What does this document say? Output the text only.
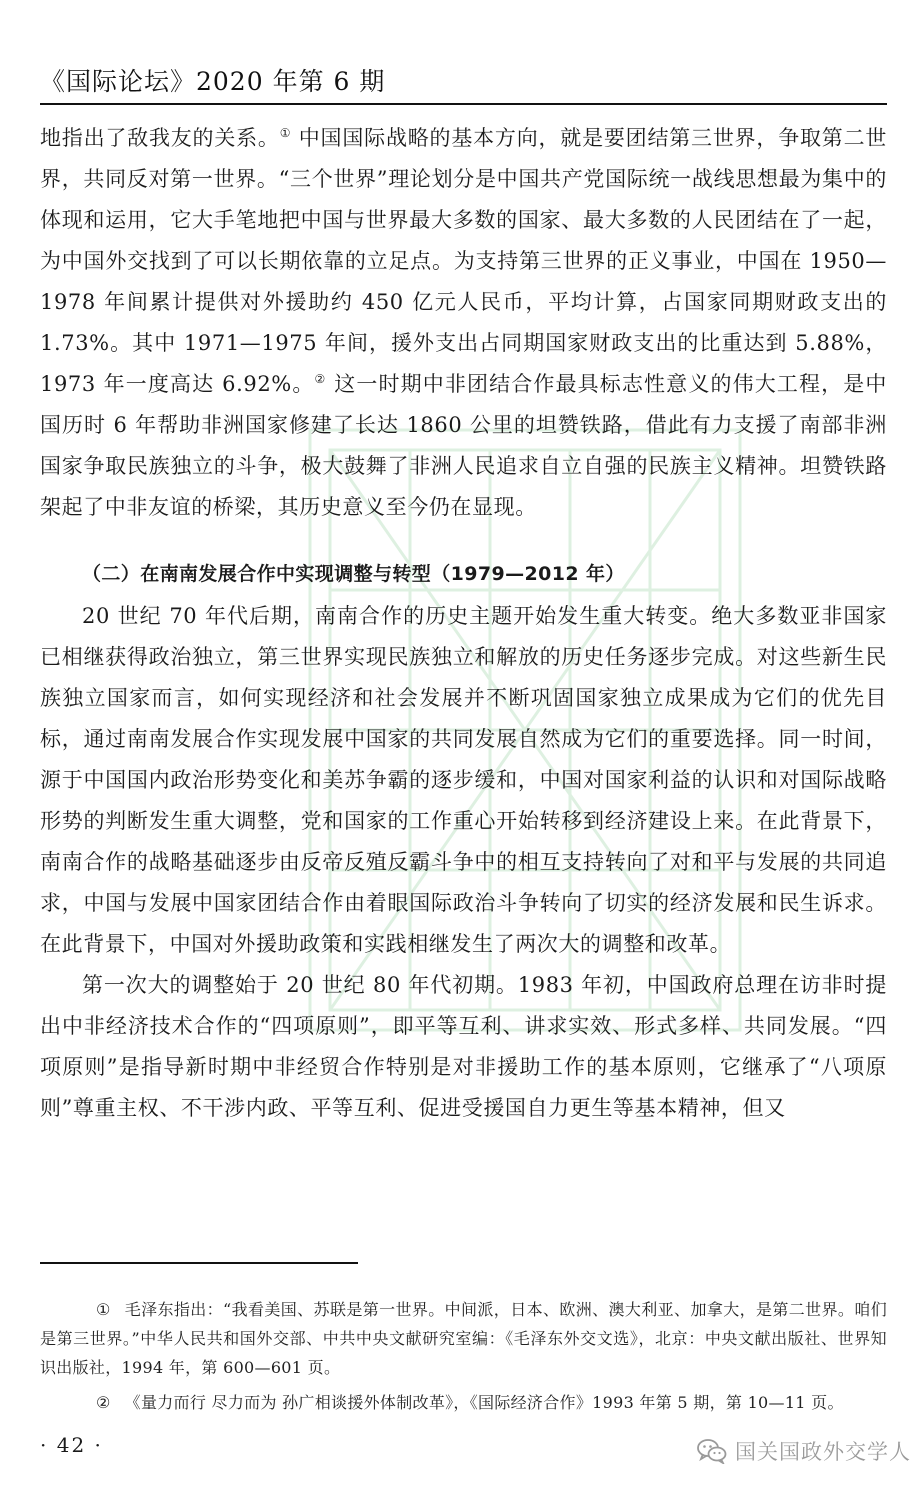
《国际论坛》2020 年第 6 期

地指出了敌我友的关系。① 中国国际战略的基本方向，就是要团结第三世界，争取第二世界，共同反对第一世界。“三个世界”理论划分是中国共产党国际统一战线思想最为集中的体现和运用，它大手笔地把中国与世界最大多数的国家、最大多数的人民团结在了一起，为中国外交找到了可以长期依靠的立足点。为支持第三世界的正义事业，中国在 1950—1978 年间累计提供对外援助约 450 亿元人民币，平均计算，占国家同期财政支出的 1.73%。其中 1971—1975 年间，援外支出占同期国家财政支出的比重达到 5.88%，1973 年一度高达 6.92%。② 这一时期中非团结合作最具标志性意义的伟大工程，是中国历时 6 年帮助非洲国家修建了长达 1860 公里的坦赞铁路，借此有力支援了南部非洲国家争取民族独立的斗争，极大鼓舞了非洲人民追求自立自强的民族主义精神。坦赞铁路架起了中非友谊的桥梁，其历史意义至今仍在显现。

（二）在南南发展合作中实现调整与转型（1979—2012 年）

20 世纪 70 年代后期，南南合作的历史主题开始发生重大转变。绝大多数亚非国家已相继获得政治独立，第三世界实现民族独立和解放的历史任务逐步完成。对这些新生民族独立国家而言，如何实现经济和社会发展并不断巩固国家独立成果成为它们的优先目标，通过南南发展合作实现发展中国家的共同发展自然成为它们的重要选择。同一时间，源于中国国内政治形势变化和美苏争霸的逐步缓和，中国对国家利益的认识和对国际战略形势的判断发生重大调整，党和国家的工作重心开始转移到经济建设上来。在此背景下，南南合作的战略基础逐步由反帝反殖反霸斗争中的相互支持转向了对和平与发展的共同追求，中国与发展中国家团结合作由着眼国际政治斗争转向了切实的经济发展和民生诉求。在此背景下，中国对外援助政策和实践相继发生了两次大的调整和改革。

第一次大的调整始于 20 世纪 80 年代初期。1983 年初，中国政府总理在访非时提出中非经济技术合作的“四项原则”，即平等互利、讲求实效、形式多样、共同发展。“四项原则”是指导新时期中非经贸合作特别是对非援助工作的基本原则，它继承了“八项原则”尊重主权、不干涉内政、平等互利、促进受援国自力更生等基本精神，但又

① 毛泽东指出：“我看美国、苏联是第一世界。中间派，日本、欧洲、澳大利亚、加拿大，是第二世界。咱们是第三世界。”中华人民共和国外交部、中共中央文献研究室编：《毛泽东外交文选》，北京：中央文献出版社、世界知识出版社，1994 年，第 600—601 页。

② 《量力而行 尽力而为 孙广相谈援外体制改革》，《国际经济合作》1993 年第 5 期，第 10—11 页。

· 42 ·	国关国政外交学人
